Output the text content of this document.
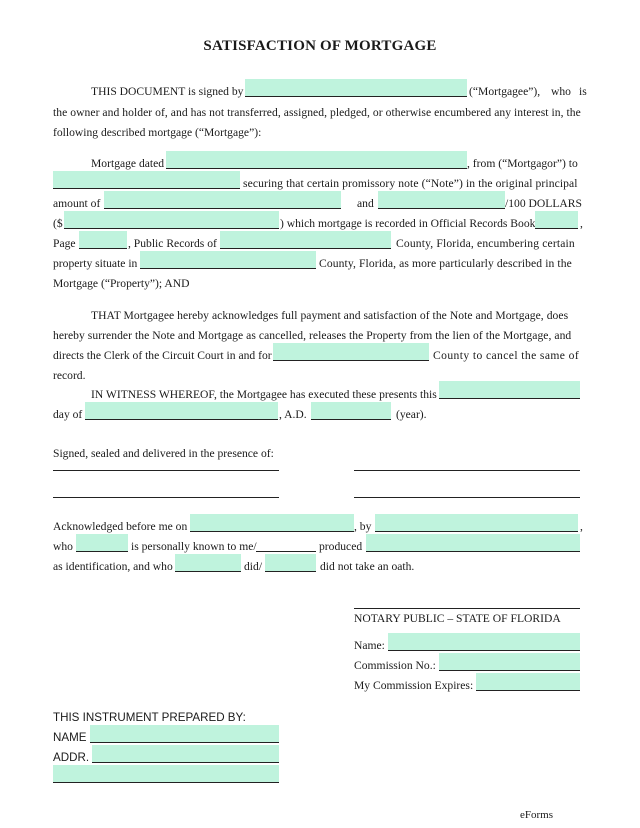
SATISFACTION OF MORTGAGE
THIS DOCUMENT is signed by	(“Mortgagee”), who is
the owner and holder of, and has not transferred, assigned, pledged, or otherwise encumbered any interest in, the
following described mortgage (“Mortgage”):
Mortgage dated	, from (“Mortgagor”) to
securing that certain promissory note (“Note”) in the original principal
amount of	and	/100 DOLLARS
($	) which mortgage is recorded in Official Records Book	,
Page	, Public Records of	County, Florida, encumbering certain
property situate in	County, Florida, as more particularly described in the
Mortgage (“Property”); AND
THAT Mortgagee hereby acknowledges full payment and satisfaction of the Note and Mortgage, does
hereby surrender the Note and Mortgage as cancelled, releases the Property from the lien of the Mortgage, and
directs the Clerk of the Circuit Court in and for	County to cancel the same of
record.
IN WITNESS WHEREOF, the Mortgagee has executed these presents this
day of	, A.D.	(year).
Signed, sealed and delivered in the presence of:
Acknowledged before me on	, by	,
who	is personally known to me/	produced
as identification, and who	did/	did not take an oath.
NOTARY PUBLIC – STATE OF FLORIDA
Name:
Commission No.:
My Commission Expires:
THIS INSTRUMENT PREPARED BY:
NAME
ADDR.
eForms
